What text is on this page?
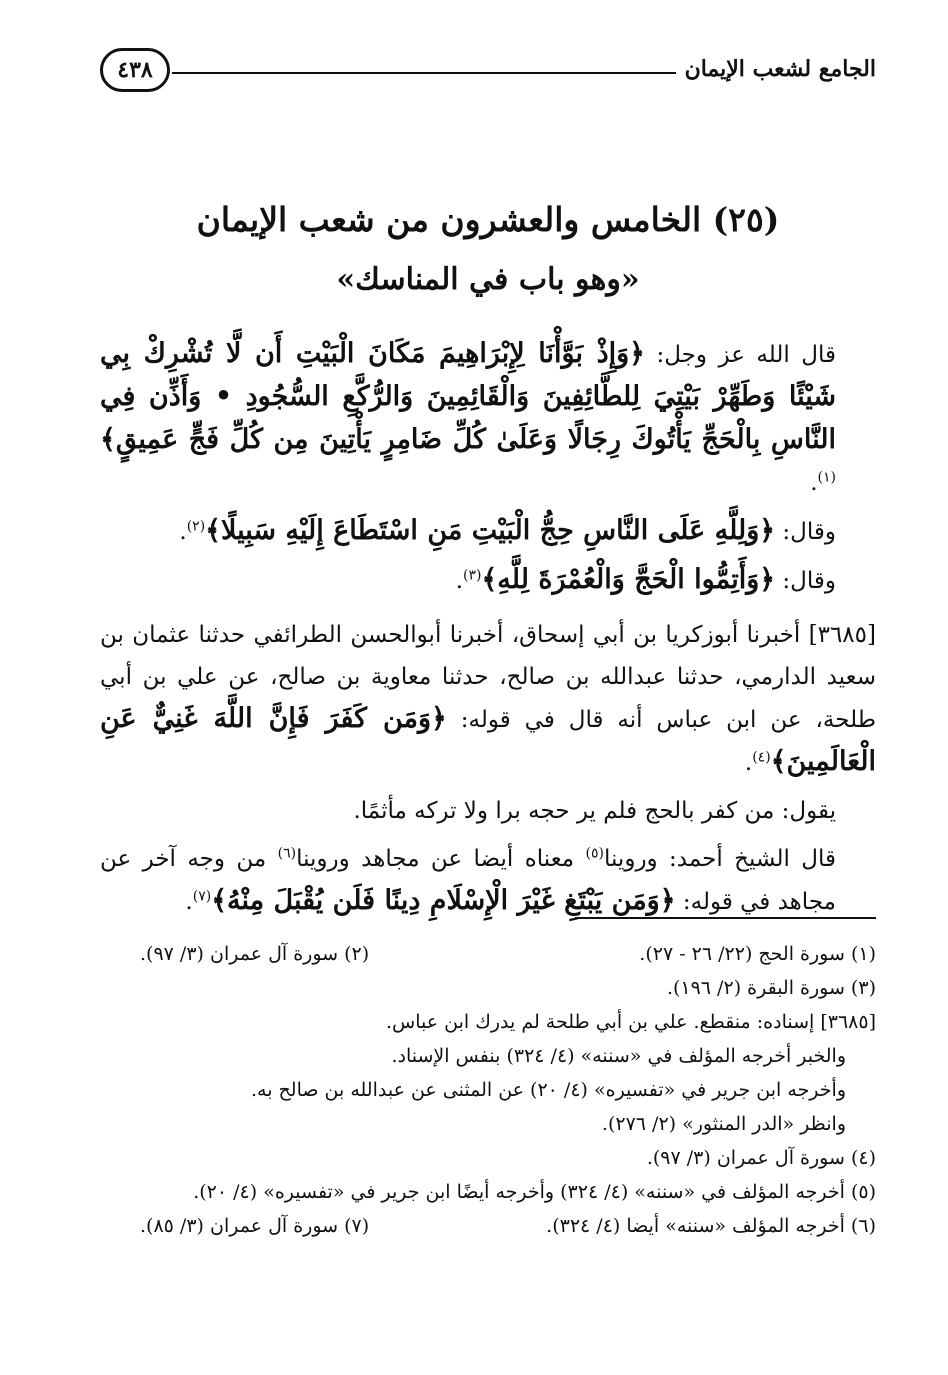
الجامع لشعب الإيمان
٤٣٨
(٢٥) الخامس والعشرون من شعب الإيمان
«وهو باب في المناسك»

قال الله عز وجل: ﴿وَإِذْ بَوَّأْنَا لِإِبْرَاهِيمَ مَكَانَ الْبَيْتِ أَن لَّا تُشْرِكْ بِي شَيْئًا وَطَهِّرْ بَيْتِيَ لِلطَّائِفِينَ وَالْقَائِمِينَ وَالرُّكَّعِ السُّجُودِ • وَأَذِّن فِي النَّاسِ بِالْحَجِّ يَأْتُوكَ رِجَالًا وَعَلَىٰ كُلِّ ضَامِرٍ يَأْتِينَ مِن كُلِّ فَجٍّ عَمِيقٍ﴾$^{(١)}$.

وقال: ﴿وَلِلَّهِ عَلَى النَّاسِ حِجُّ الْبَيْتِ مَنِ اسْتَطَاعَ إِلَيْهِ سَبِيلًا﴾$^{(٢)}$.

وقال: ﴿وَأَتِمُّوا الْحَجَّ وَالْعُمْرَةَ لِلَّهِ﴾$^{(٣)}$.

[٣٦٨٥] أخبرنا أبوزكريا بن أبي إسحاق، أخبرنا أبوالحسن الطرائفي حدثنا عثمان بن سعيد الدارمي، حدثنا عبدالله بن صالح، حدثنا معاوية بن صالح، عن علي بن أبي طلحة، عن ابن عباس أنه قال في قوله: ﴿وَمَن كَفَرَ فَإِنَّ اللَّهَ غَنِيٌّ عَنِ الْعَالَمِينَ﴾$^{(٤)}$.

يقول: من كفر بالحج فلم ير حجه برا ولا تركه مأثمًا.

قال الشيخ أحمد: وروينا$^{(٥)}$ معناه أيضا عن مجاهد وروينا$^{(٦)}$ من وجه آخر عن مجاهد في قوله: ﴿وَمَن يَبْتَغِ غَيْرَ الْإِسْلَامِ دِينًا فَلَن يُقْبَلَ مِنْهُ﴾$^{(٧)}$.

(١) سورة الحج (٢٢/ ٢٦ - ٢٧).
(٢) سورة آل عمران (٣/ ٩٧).
(٣) سورة البقرة (٢/ ١٩٦).
[٣٦٨٥] إسناده: منقطع. علي بن أبي طلحة لم يدرك ابن عباس.
والخبر أخرجه المؤلف في «سننه» (٤/ ٣٢٤) بنفس الإسناد.
وأخرجه ابن جرير في «تفسيره» (٤/ ٢٠) عن المثنى عن عبدالله بن صالح به.
وانظر «الدر المنثور» (٢/ ٢٧٦).
(٤) سورة آل عمران (٣/ ٩٧).
(٥) أخرجه المؤلف في «سننه» (٤/ ٣٢٤) وأخرجه أيضًا ابن جرير في «تفسيره» (٤/ ٢٠).
(٦) أخرجه المؤلف «سننه» أيضا (٤/ ٣٢٤).
(٧) سورة آل عمران (٣/ ٨٥).
